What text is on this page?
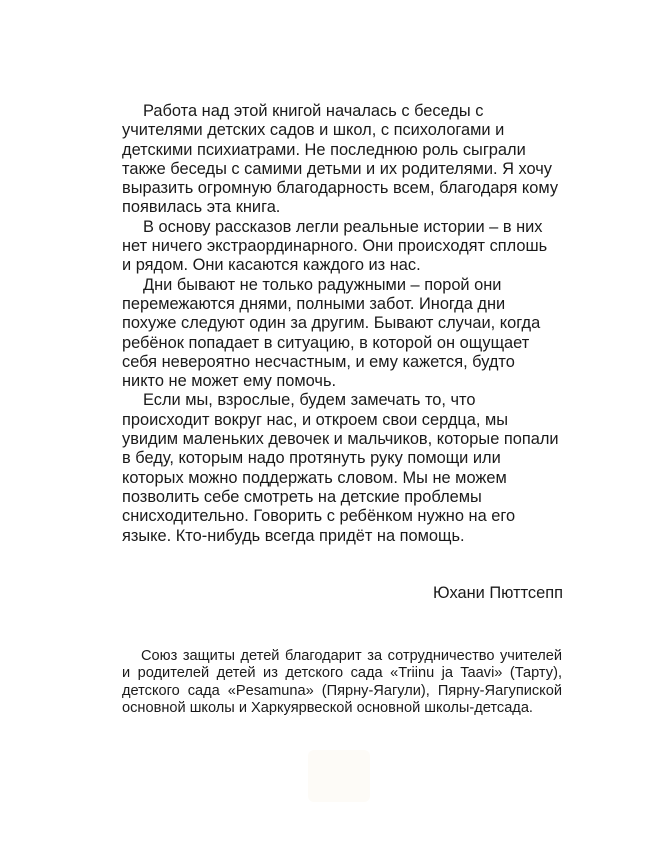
Работа над этой книгой началась с беседы с учителями детских садов и школ, с психологами и детскими психиатрами. Не последнюю роль сыграли также беседы с самими детьми и их родителями. Я хочу выразить огромную благодарность всем, благодаря кому появилась эта книга.

В основу рассказов легли реальные истории – в них нет ничего экстраординарного. Они происходят сплошь и рядом. Они касаются каждого из нас.

Дни бывают не только радужными – порой они перемежаются днями, полными забот. Иногда дни похуже следуют один за другим. Бывают случаи, когда ребёнок попадает в ситуацию, в которой он ощущает себя невероятно несчастным, и ему кажется, будто никто не может ему помочь.

Если мы, взрослые, будем замечать то, что происходит вокруг нас, и откроем свои сердца, мы увидим маленьких девочек и мальчиков, которые попали в беду, которым надо протянуть руку помощи или которых можно поддержать словом. Мы не можем позволить себе смотреть на детские проблемы снисходительно. Говорить с ребёнком нужно на его языке. Кто-нибудь всегда придёт на помощь.

Юхани Пюттсепп

Союз защиты детей благодарит за сотрудничество учителей и родителей детей из детского сада «Triinu ja Taavi» (Тарту), детского сада «Pesamuna» (Пярну-Яагули), Пярну-Яагупиской основной школы и Харкуярвеской основной школы-детсада.
